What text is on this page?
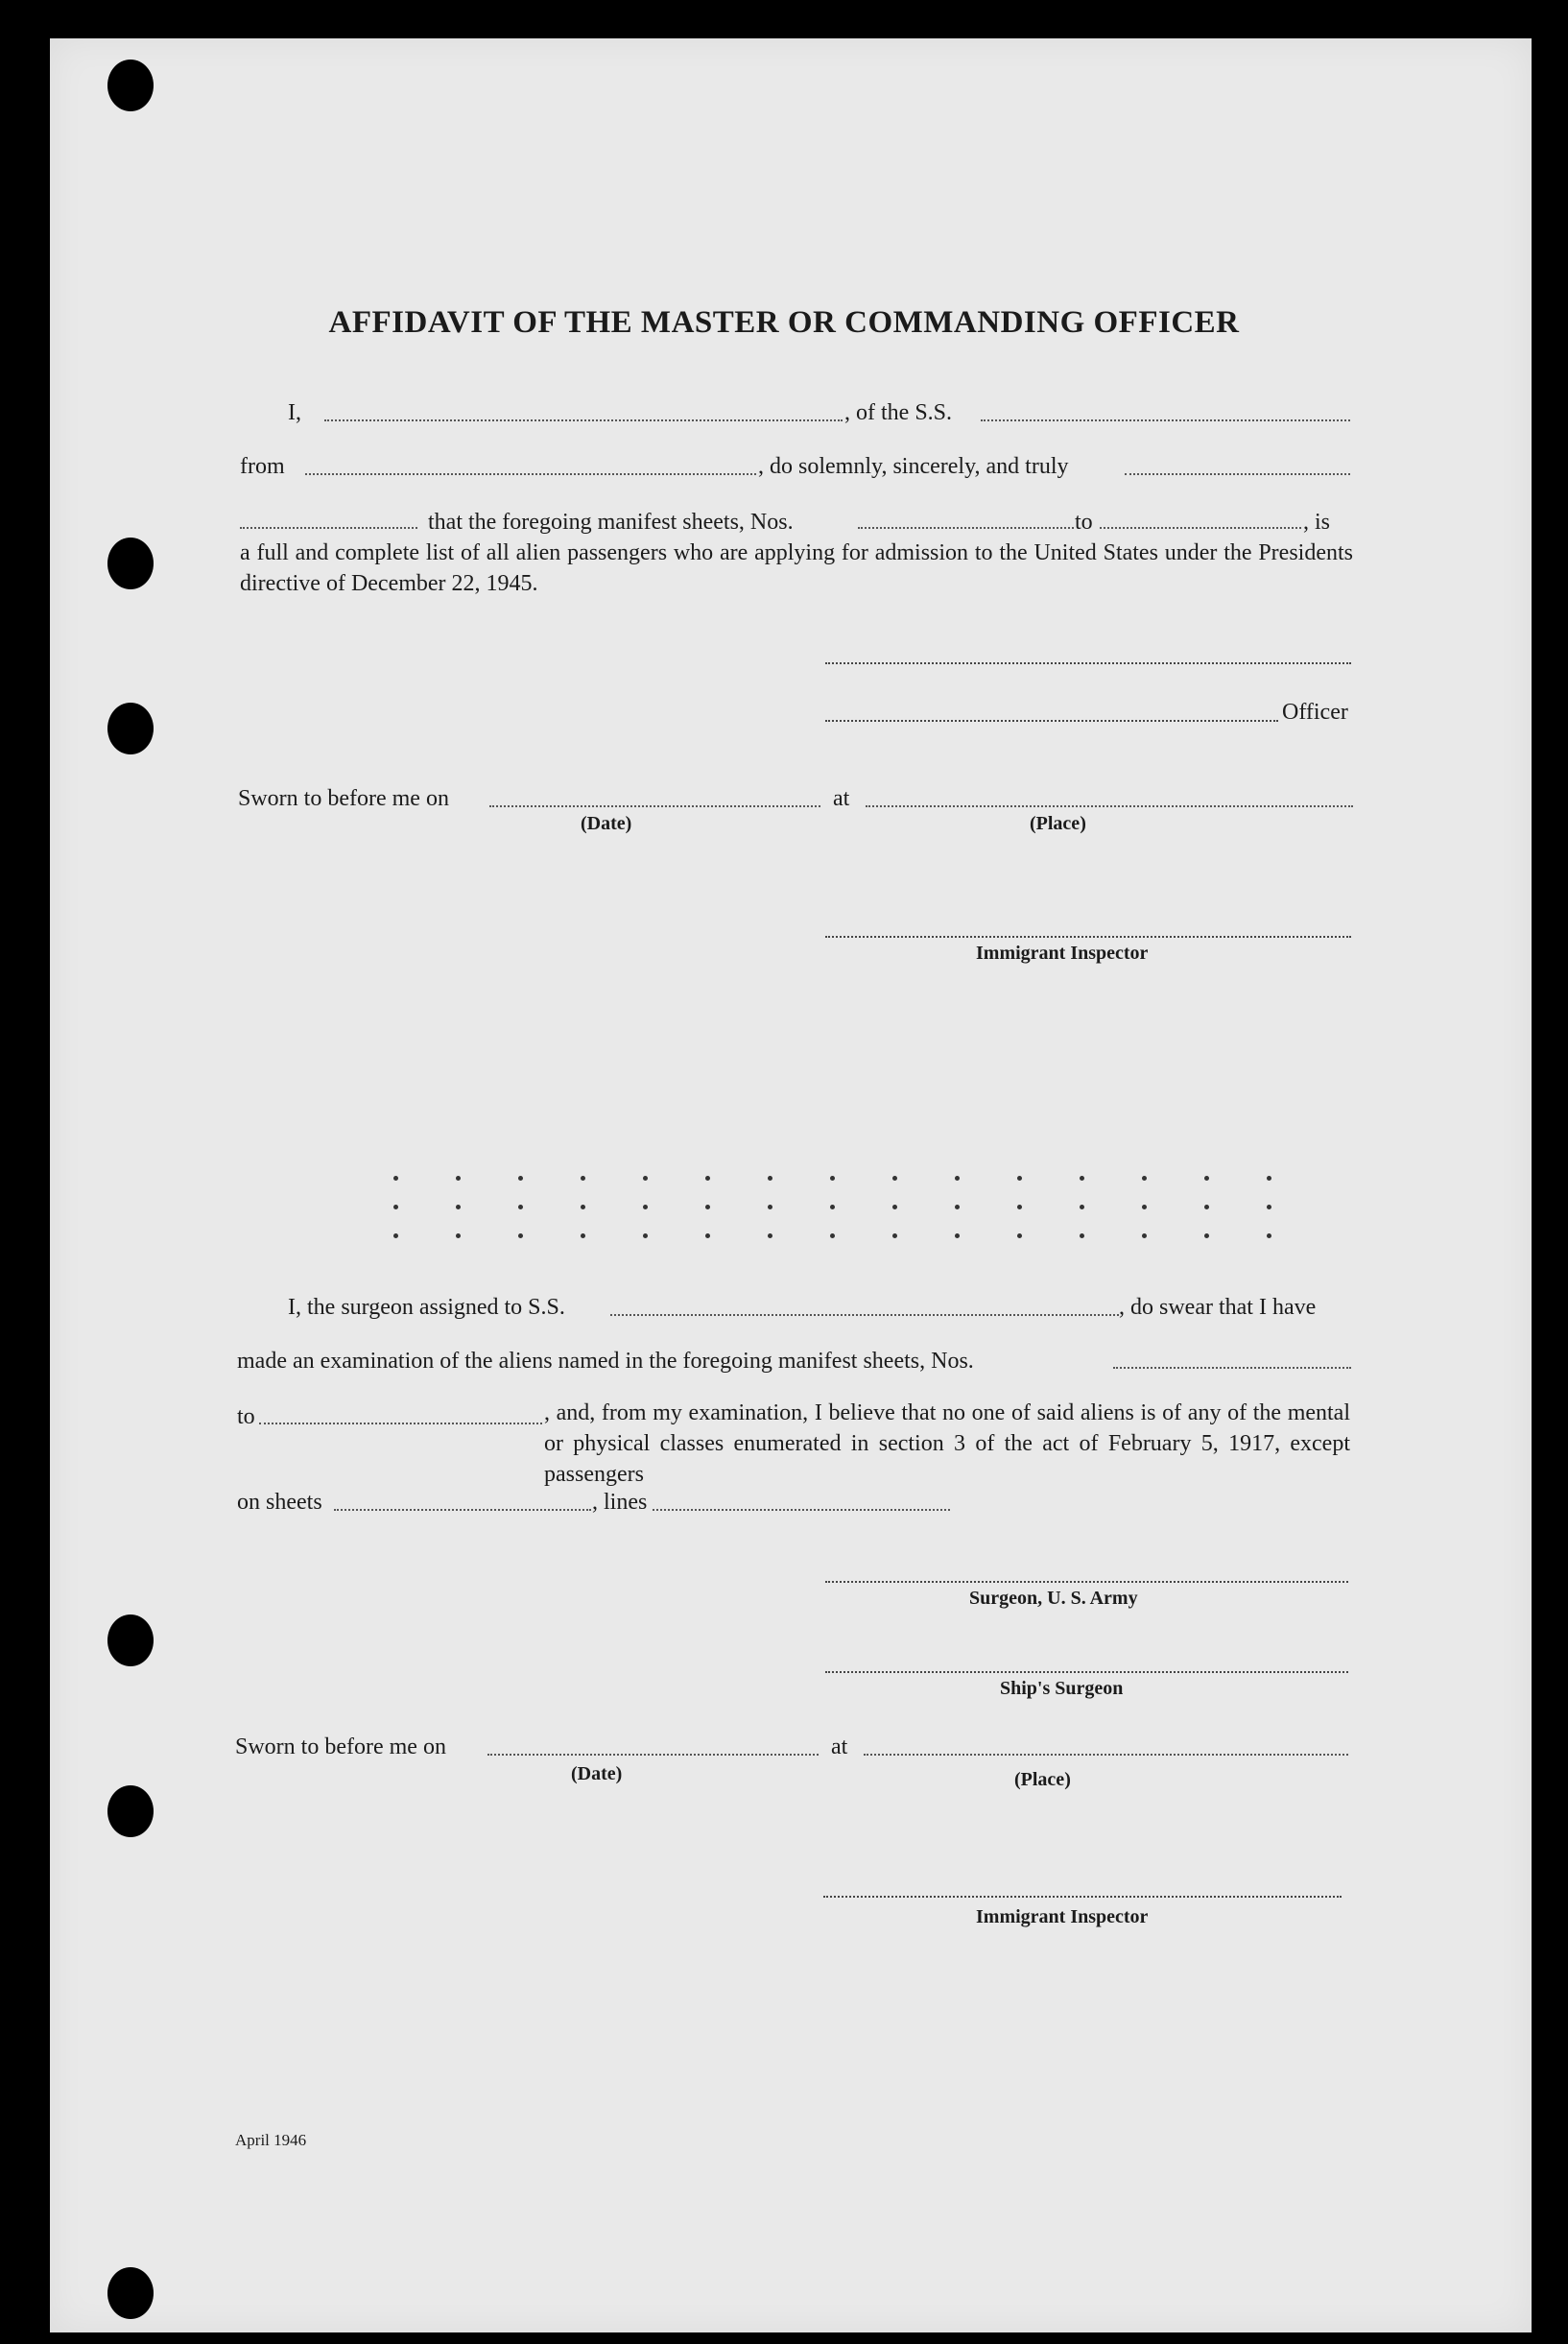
AFFIDAVIT OF THE MASTER OR COMMANDING OFFICER
I,	, of the S.S.
from	, do solemnly, sincerely, and truly
that the foregoing manifest sheets, Nos.	to	, is
a full and complete list of all alien passengers who are applying for admission to the United States under the Presidents directive of December 22, 1945.
Officer
Sworn to before me on	at
(Date)	(Place)
Immigrant Inspector
I, the surgeon assigned to S.S.	, do swear that I have
made an examination of the aliens named in the foregoing manifest sheets, Nos.
to	, and, from my examination, I believe that no one of said aliens is of any of the mental or physical classes enumerated in section 3 of the act of February 5, 1917, except passengers
on sheets	, lines
Surgeon, U. S. Army
Ship's Surgeon
Sworn to before me on	at
(Date)	(Place)
Immigrant Inspector
April 1946
